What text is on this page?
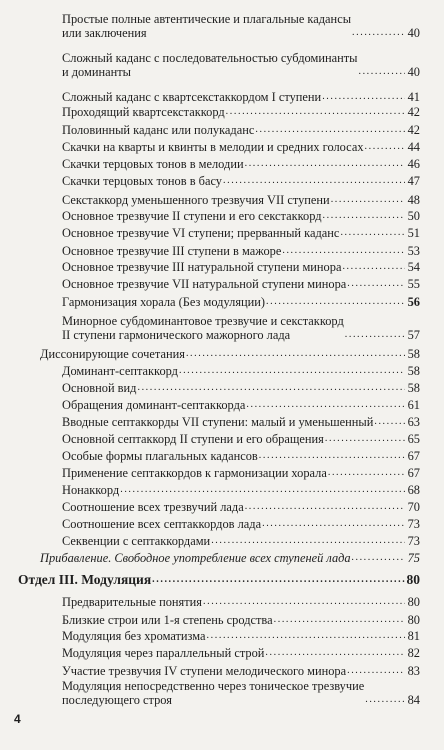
Простые полные автентические и плагальные кадансы
или заключения .....	40
Сложный каданс с последовательностью субдоминанты
и доминанты .....	40
Сложный каданс с квартсекстаккордом I ступени .....	41
Проходящий квартсекстаккорд .....	42
Половинный каданс или полукаданс .....	42
Скачки на кварты и квинты в мелодии и средних голосах .....	44
Скачки терцовых тонов в мелодии .....	46
Скачки терцовых тонов в басу .....	47
Секстаккорд уменьшенного трезвучия VII ступени .....	48
Основное трезвучие II ступени и его секстаккорд .....	50
Основное трезвучие VI ступени; прерванный каданс .....	51
Основное трезвучие III ступени в мажоре .....	53
Основное трезвучие III натуральной ступени минора .....	54
Основное трезвучие VII натуральной ступени минора .....	55
Гармонизация хорала (Без модуляции) .....	56
Минорное субдоминантовое трезвучие и секстаккорд
II ступени гармонического мажорного лада .....	57
Диссонирующие сочетания .....	58
Доминант-септаккорд .....	58
Основной вид .....	58
Обращения доминант-септаккорда .....	61
Вводные септаккорды VII ступени: малый и уменьшенный .....	63
Основной септаккорд II ступени и его обращения .....	65
Особые формы плагальных кадансов .....	67
Применение септаккордов к гармонизации хорала .....	67
Нонаккорд .....	68
Соотношение всех трезвучий лада .....	70
Соотношение всех септаккордов лада .....	73
Секвенции с септаккордами .....	73
Прибавление. Свободное употребление всех ступеней лада .....	75
Отдел III. Модуляция .....	80
Предварительные понятия .....	80
Близкие строи или 1-я степень сродства .....	80
Модуляция без хроматизма .....	81
Модуляция через параллельный строй .....	82
Участие трезвучия IV ступени мелодического минора .....	83
Модуляция непосредственно через тоническое трезвучие
последующего строя .....	84
4
